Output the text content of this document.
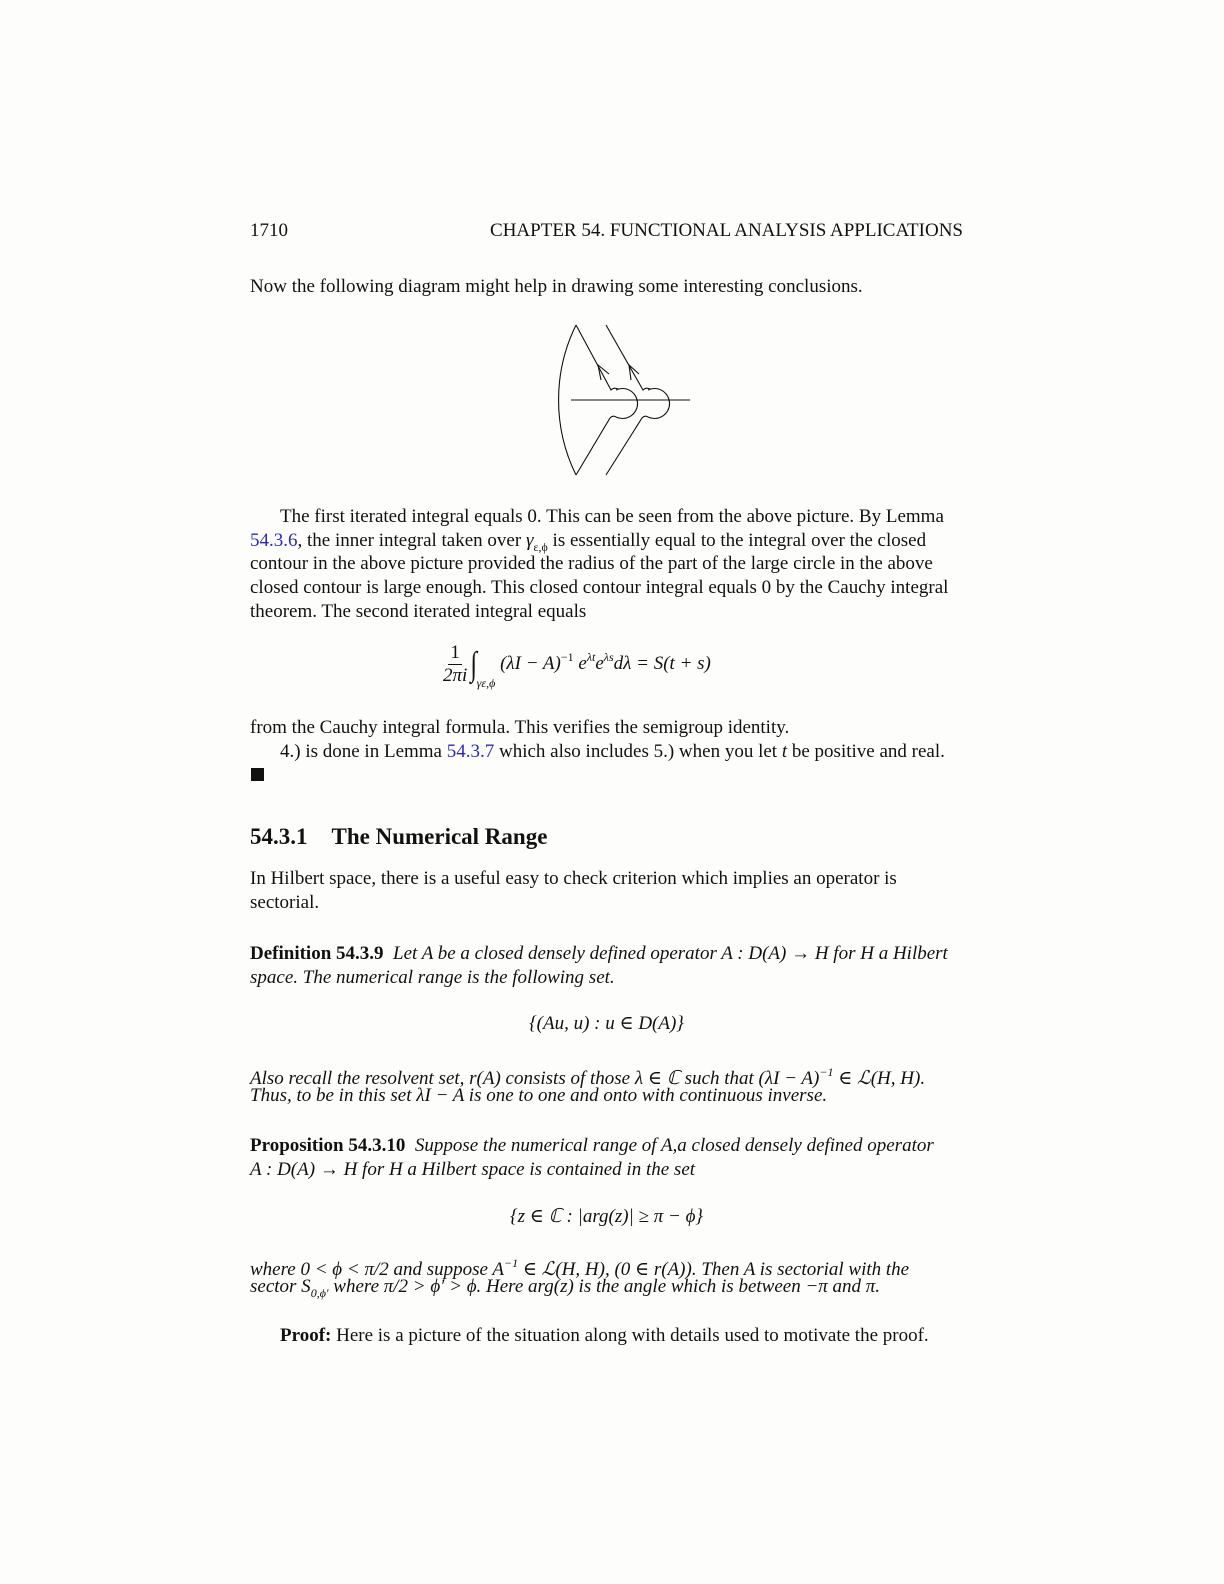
1710	CHAPTER 54. FUNCTIONAL ANALYSIS APPLICATIONS
Now the following diagram might help in drawing some interesting conclusions.
The first iterated integral equals 0. This can be seen from the above picture. By Lemma

54.3.6, the inner integral taken over $\gamma_{\varepsilon,\phi}$ is essentially equal to the integral over the closed
contour in the above picture provided the radius of the part of the large circle in the above
closed contour is large enough. This closed contour integral equals 0 by the Cauchy integral
theorem. The second iterated integral equals
$\frac{1}{2\pi i} \int_{\gamma\varepsilon,\phi}$ $(\lambda I - A)^{-1}$ $e^{\lambda t}e^{\lambda s}d\lambda = S(t + s)$
from the Cauchy integral formula. This verifies the semigroup identity.
4.) is done in Lemma 54.3.7 which also includes 5.) when you let t be positive and real.
54.3.1 The Numerical Range
In Hilbert space, there is a useful easy to check criterion which implies an operator is
sectorial.
Definition 54.3.9 Let A be a closed densely defined operator A : D(A) → H for H a Hilbert
space. The numerical range is the following set.
{(Au, u) : u ∈ D(A)}
Also recall the resolvent set, r(A) consists of those λ ∈ ℂ such that $(\lambda I - A)^{-1}$ ∈ ℒ(H, H).
Thus, to be in this set λI − A is one to one and onto with continuous inverse.
Proposition 54.3.10 Suppose the numerical range of A,a closed densely defined operator
A : D(A) → H for H a Hilbert space is contained in the set
{z ∈ ℂ : |arg(z)| ≥ π − ϕ}
where 0 < ϕ < π/2 and suppose $A^{-1}$ ∈ ℒ(H, H), (0 ∈ r(A)). Then A is sectorial with the
sector $S_{0,\phi'}$ where π/2 > ϕ′ > ϕ. Here arg(z) is the angle which is between −π and π.
Proof: Here is a picture of the situation along with details used to motivate the proof.
